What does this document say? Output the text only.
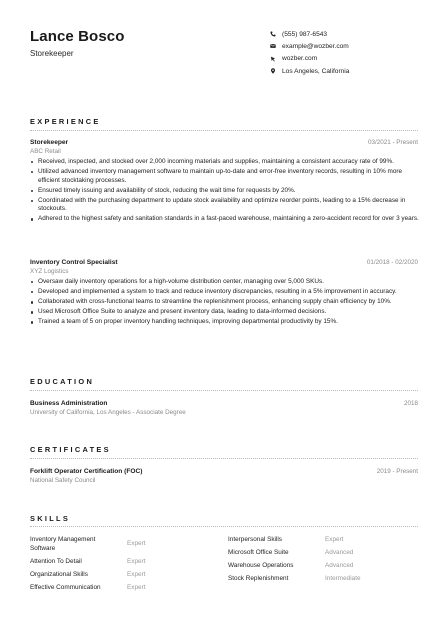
Lance Bosco
Storekeeper
(555) 987-6543
example@wozber.com
wozber.com
Los Angeles, California
EXPERIENCE
Storekeeper	03/2021 - Present
ABC Retail
Received, inspected, and stocked over 2,000 incoming materials and supplies, maintaining a consistent accuracy rate of 99%.
Utilized advanced inventory management software to maintain up-to-date and error-free inventory records, resulting in 10% more efficient stocktaking processes.
Ensured timely issuing and availability of stock, reducing the wait time for requests by 20%.
Coordinated with the purchasing department to update stock availability and optimize reorder points, leading to a 15% decrease in stockouts.
Adhered to the highest safety and sanitation standards in a fast-paced warehouse, maintaining a zero-accident record for over 3 years.
Inventory Control Specialist	01/2018 - 02/2020
XYZ Logistics
Oversaw daily inventory operations for a high-volume distribution center, managing over 5,000 SKUs.
Developed and implemented a system to track and reduce inventory discrepancies, resulting in a 5% improvement in accuracy.
Collaborated with cross-functional teams to streamline the replenishment process, enhancing supply chain efficiency by 10%.
Used Microsoft Office Suite to analyze and present inventory data, leading to data-informed decisions.
Trained a team of 5 on proper inventory handling techniques, improving departmental productivity by 15%.
EDUCATION
Business Administration	2018
University of California, Los Angeles - Associate Degree
CERTIFICATES
Forklift Operator Certification (FOC)	2019 - Present
National Safety Council
SKILLS
Inventory Management Software
Expert
Attention To Detail	Expert
Organizational Skills	Expert
Effective Communication	Expert
Interpersonal Skills	Expert
Microsoft Office Suite	Advanced
Warehouse Operations	Advanced
Stock Replenishment	Intermediate
